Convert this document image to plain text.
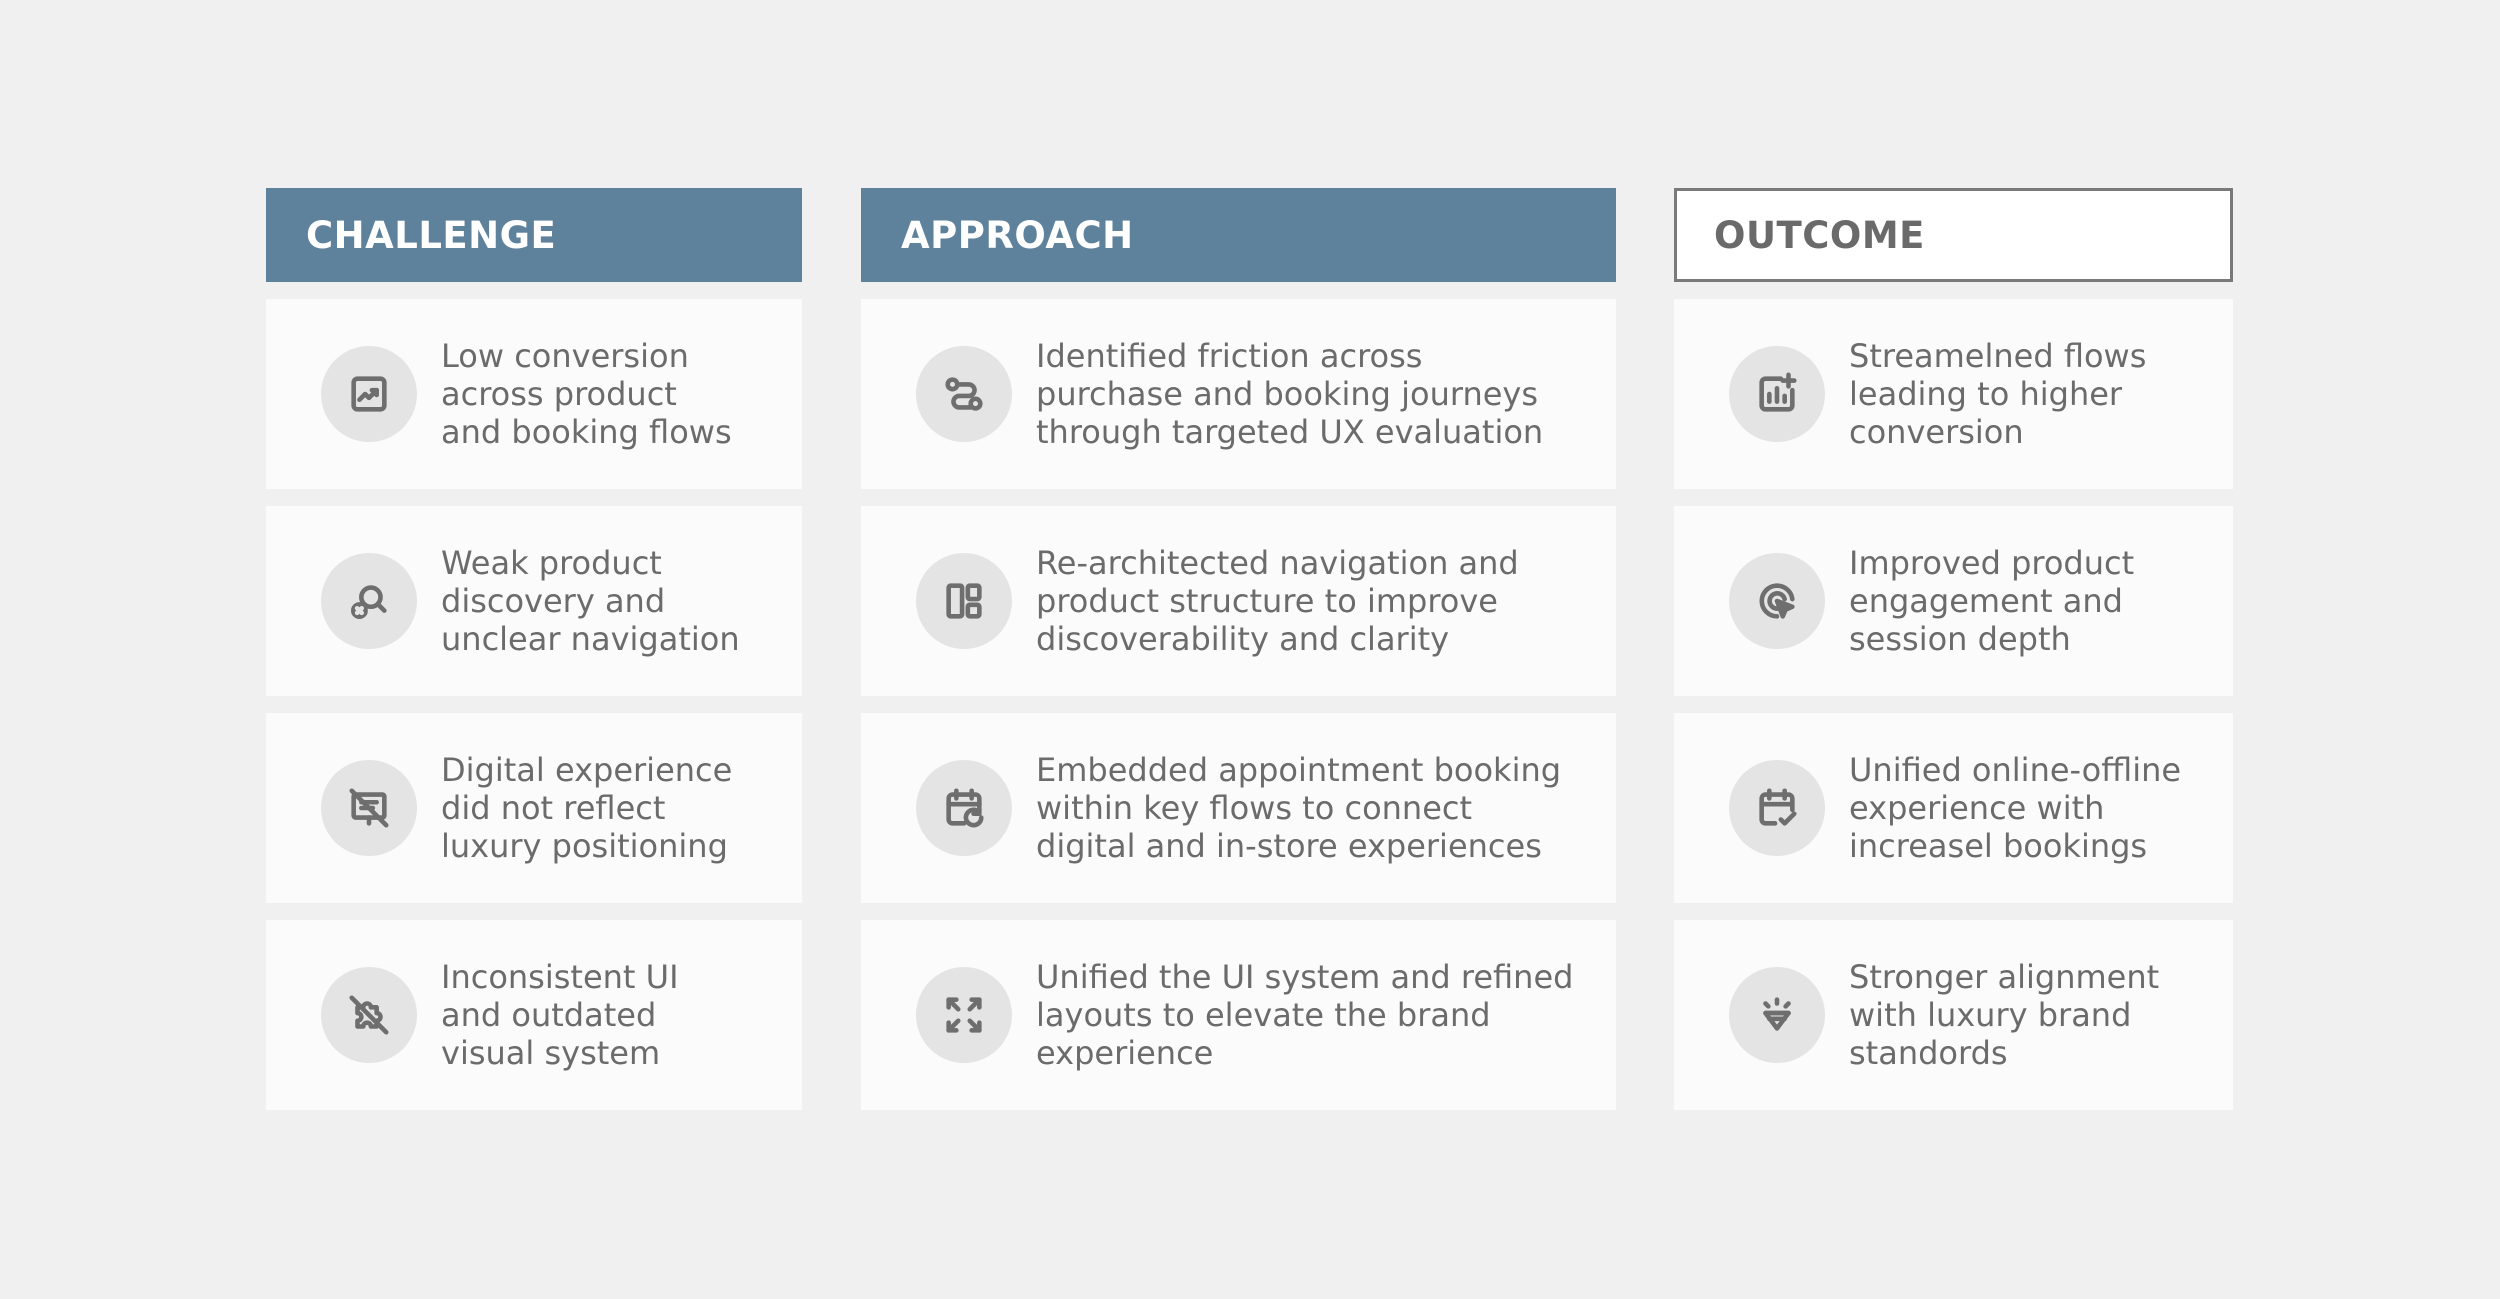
CHALLENGE
Low conversion
across product
and booking flows
Weak product
discovery and
unclear navigation
Digital experience
did not reflect
luxury positioning
Inconsistent UI
and outdated
visual system
APPROACH
Identified friction across
purchase and booking journeys
through targeted UX evaluation
Re-architected navigation and
product structure to improve
discoverability and clarity
Embedded appointment booking
within key flows to connect
digital and in-store experiences
Unified the UI system and refined
layouts to elevate the brand
experience
OUTCOME
Streamelned flows
leading to higher
conversion
Improved product
engagement and
session depth
Unified online-offline
experience with
increasel bookings
Stronger alignment
with luxury brand
standords
